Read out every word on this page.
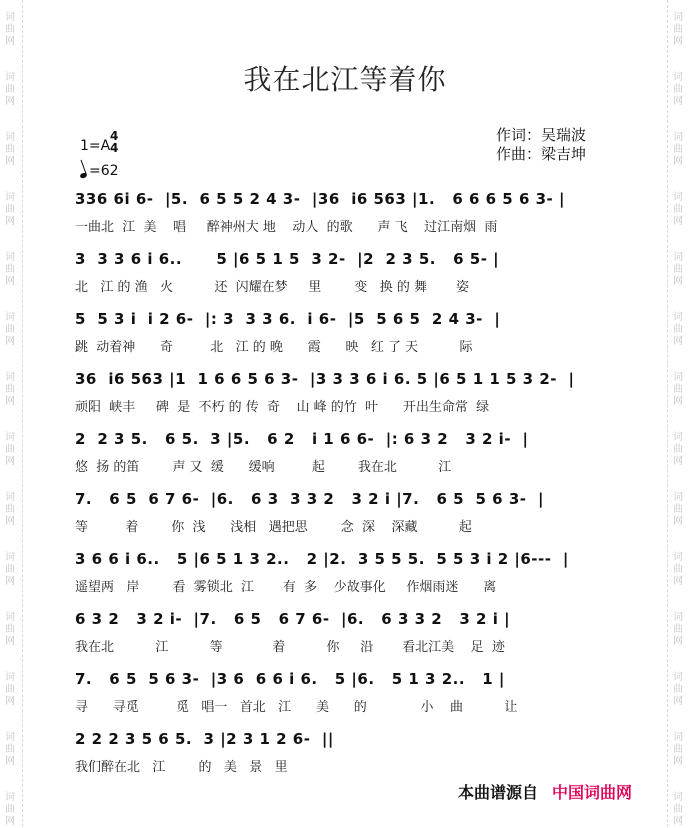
词
曲
网
词
曲
网
词
曲
网
词
曲
网
词
曲
网
词
曲
网
词
曲
网
词
曲
网
词
曲
网
词
曲
网
词
曲
网
词
曲
网
词
曲
网
词
曲
网
词
曲
网
词
曲
网
词
曲
网
词
曲
网
词
曲
网
词
曲
网
词
曲
网
词
曲
网
词
曲
网
词
曲
网
词
曲
网
词
曲
网
词
曲
网
词
曲
网
我在北江等着你
1=A
4
4
=62
作词：吴瑞波
作曲：梁吉坤
336 6i 6-  |5.  6 5 5 2 4 3-  |36  i6 563 |1.   6 6 6 5 6 3- |
一曲北  江  美    唱     醉神州大 地    动人  的歌      声 飞    过江南烟  雨
3  3 3 6 i 6..      5 |6 5 1 5  3 2-  |2  2 3 5.   6 5- |
北   江 的 渔   火          还  闪耀在梦     里        变   换 的 舞       姿
5  5 3 i  i 2 6-  |: 3  3 3 6.  i 6-  |5  5 6 5  2 4 3-  |
跳  动着神      奇         北   江 的 晚      霞      映   红 了 天          际
36  i6 563 |1  1 6 6 5 6 3-  |3 3 3 6 i 6. 5 |6 5 1 1 5 3 2-  |
顽阳  峡丰     碑  是  不朽 的 传  奇    山 峰 的竹  叶      开出生命常  绿
2  2 3 5.   6 5.  3 |5.   6 2   i 1 6 6-  |: 6 3 2   3 2 i-  |
悠  扬 的笛        声 又  缓      缓响         起        我在北          江
7.   6 5  6 7 6-  |6.   6 3  3 3 2   3 2 i |7.   6 5  5 6 3-  |
等         着        你  浅      浅相   遇把思        念  深    深藏          起
3 6 6 i 6..   5 |6 5 1 3 2..   2 |2.  3 5 5 5.  5 5 3 i 2 |6---  |
遥望两   岸        看  雾锁北  江       有  多    少故事化     作烟雨迷      离
6 3 2   3 2 i-  |7.   6 5   6 7 6-  |6.   6 3 3 2   3 2 i |
我在北          江          等            着          你     沿       看北江美    足  迹
7.   6 5  5 6 3-  |3 6  6 6 i 6.   5 |6.   5 1 3 2..   1 |
寻      寻觅         觅   唱一   首北   江      美      的             小    曲          让
2 2 2 3 5 6 5.  3 |2 3 1 2 6-  ||
我们醉在北   江        的   美   景   里
本曲谱源自 中国词曲网
